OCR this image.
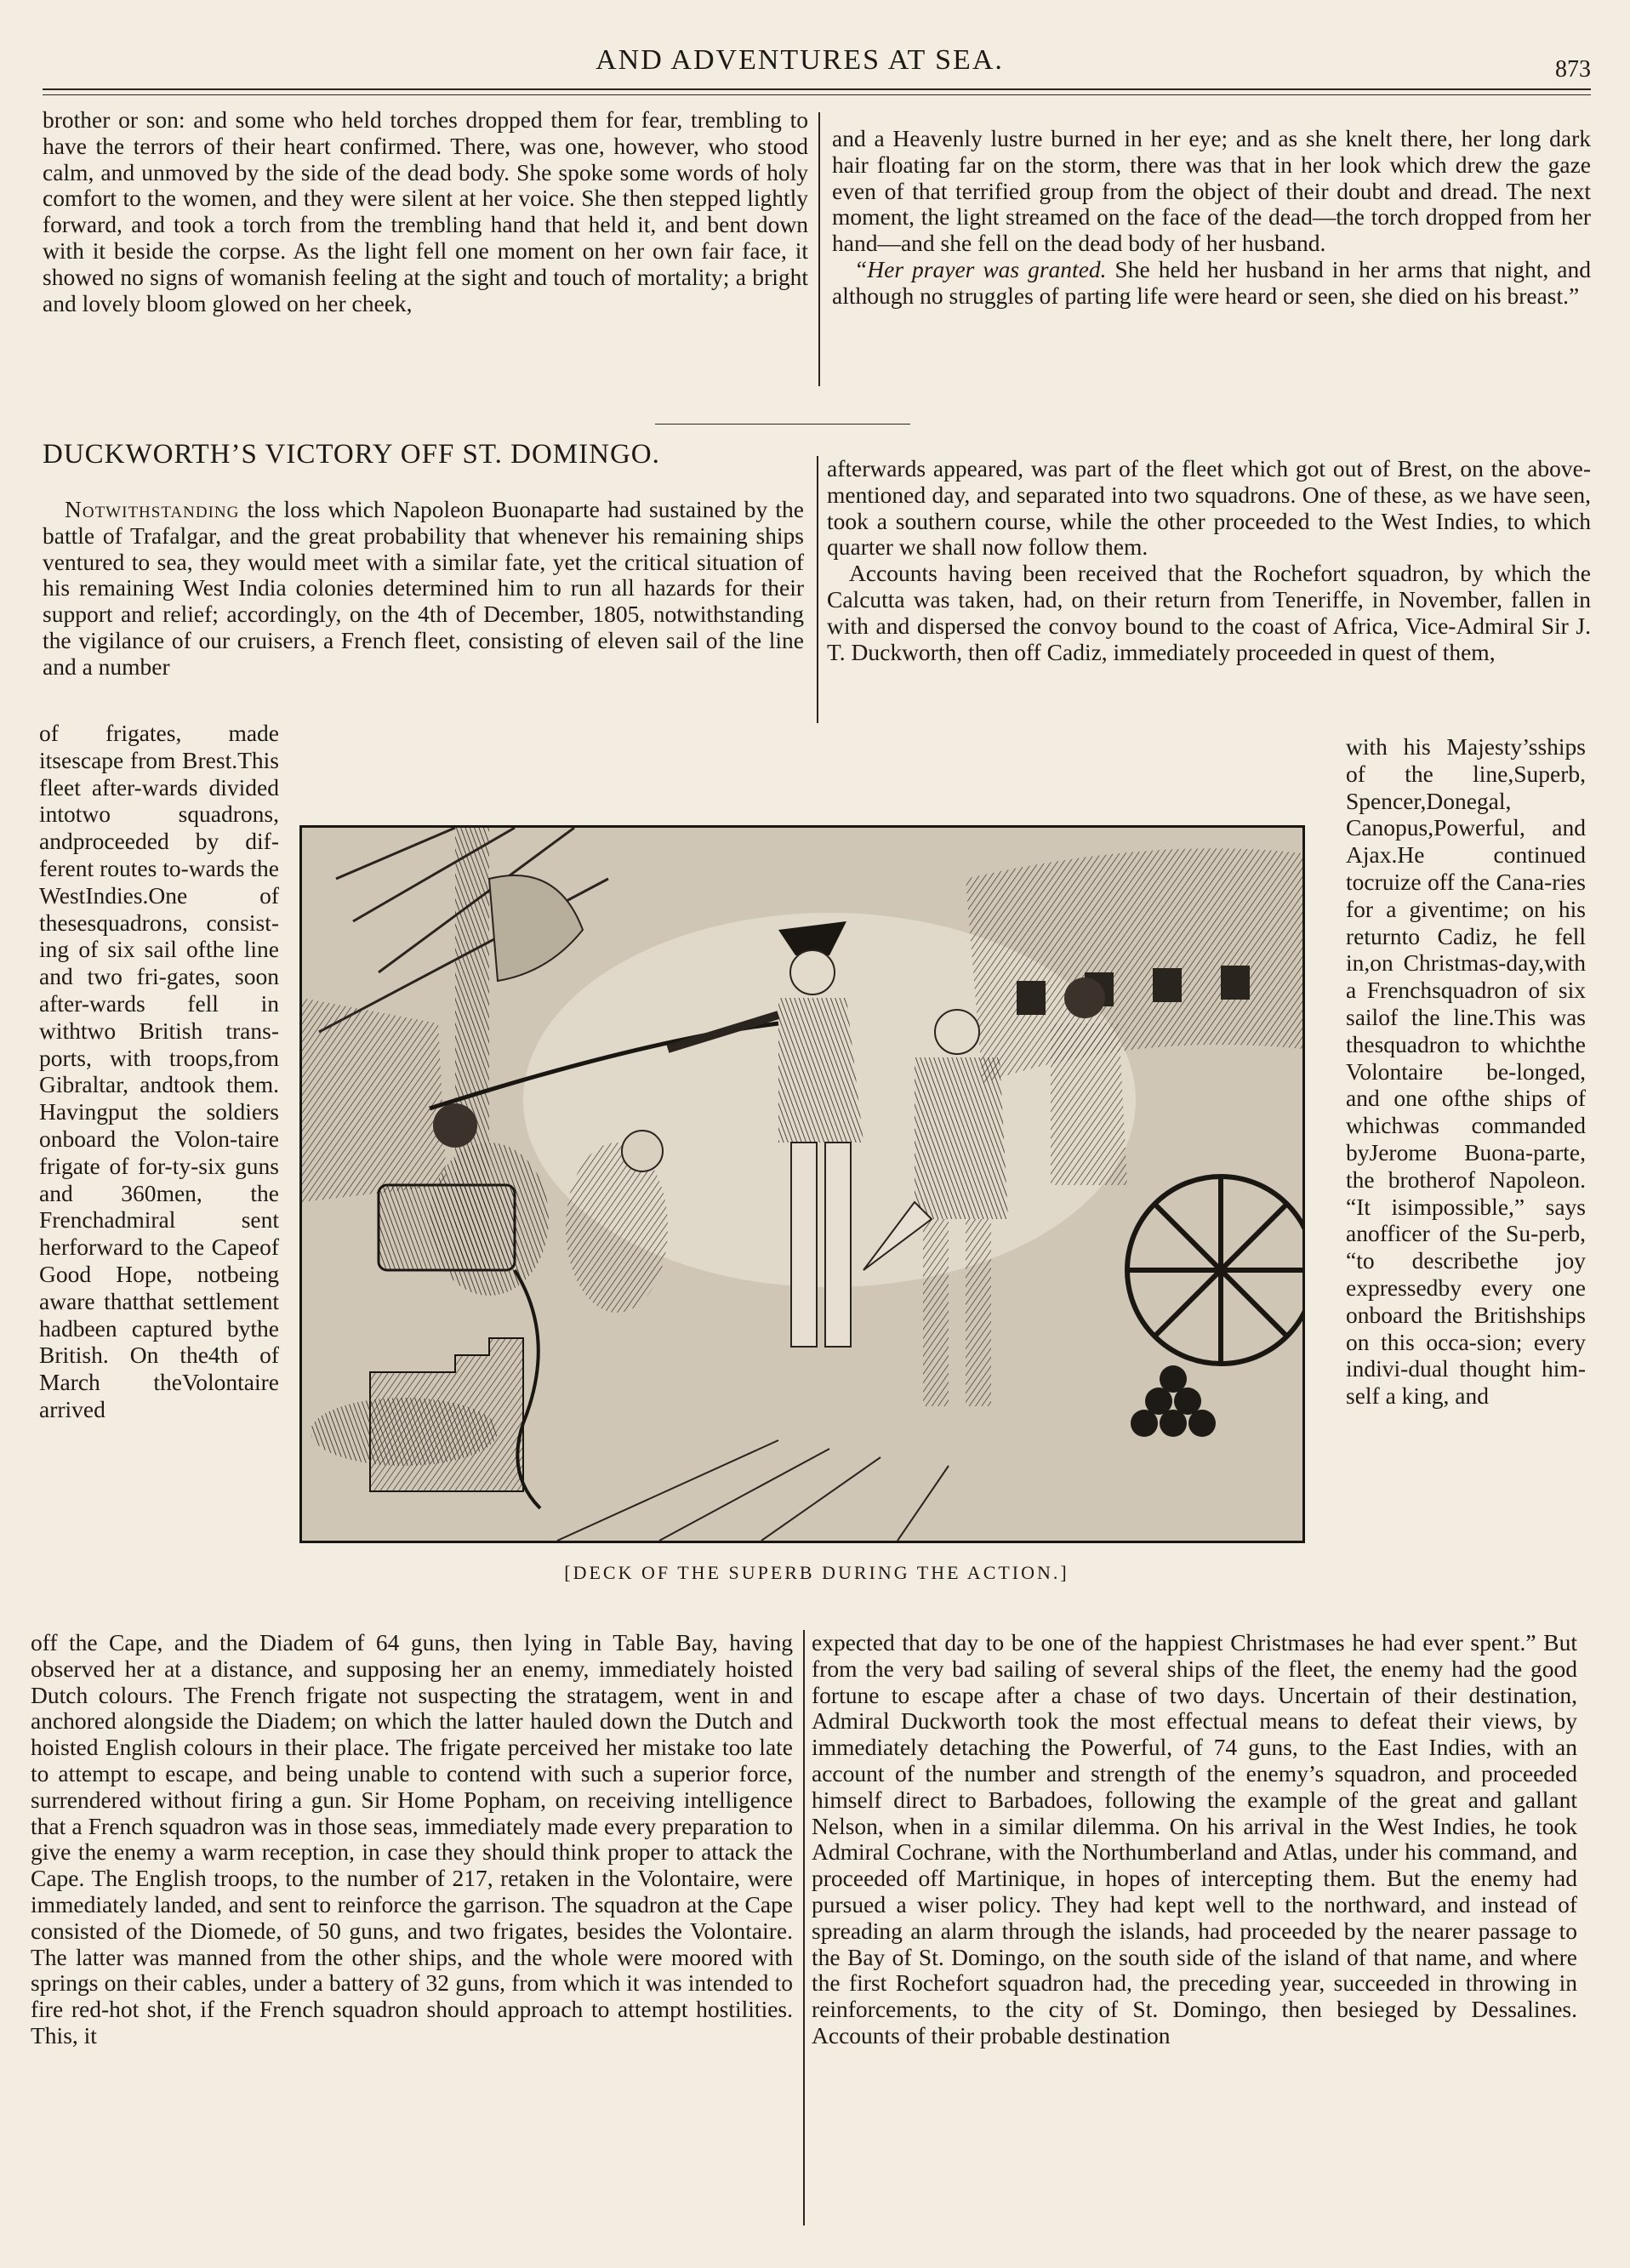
AND ADVENTURES AT SEA.	873

brother or son: and some who held torches dropped them for fear, trembling to have the terrors of their heart confirmed. There, was one, however, who stood calm, and unmoved by the side of the dead body. She spoke some words of holy comfort to the women, and they were silent at her voice. She then stepped lightly forward, and took a torch from the trembling hand that held it, and bent down with it beside the corpse. As the light fell one moment on her own fair face, it showed no signs of womanish feeling at the sight and touch of mortality; a bright and lovely bloom glowed on her cheek,

and a Heavenly lustre burned in her eye; and as she knelt there, her long dark hair floating far on the storm, there was that in her look which drew the gaze even of that terrified group from the object of their doubt and dread. The next moment, the light streamed on the face of the dead—the torch dropped from her hand—and she fell on the dead body of her husband.

“Her prayer was granted. She held her husband in her arms that night, and although no struggles of parting life were heard or seen, she died on his breast.”

DUCKWORTH’S VICTORY OFF ST. DOMINGO.

Notwithstanding the loss which Napoleon Buonaparte had sustained by the battle of Trafalgar, and the great probability that whenever his remaining ships ventured to sea, they would meet with a similar fate, yet the critical situation of his remaining West India colonies determined him to run all hazards for their support and relief; accordingly, on the 4th of December, 1805, notwithstanding the vigilance of our cruisers, a French fleet, consisting of eleven sail of the line and a number

of frigates, made itsescape from Brest.This fleet after-wards divided intotwo squadrons, andproceeded by dif-ferent routes to-wards the WestIndies.One of thesesquadrons, consist-ing of six sail ofthe line and two fri-gates, soon after-wards fell in withtwo British trans-ports, with troops,from Gibraltar, andtook them. Havingput the soldiers onboard the Volon-taire frigate of for-ty-six guns and 360men, the Frenchadmiral sent herforward to the Capeof Good Hope, notbeing aware thatthat settlement hadbeen captured bythe British. On the4th of March theVolontaire arrived

afterwards appeared, was part of the fleet which got out of Brest, on the above-mentioned day, and separated into two squadrons. One of these, as we have seen, took a southern course, while the other proceeded to the West Indies, to which quarter we shall now follow them.

Accounts having been received that the Rochefort squadron, by which the Calcutta was taken, had, on their return from Teneriffe, in November, fallen in with and dispersed the convoy bound to the coast of Africa, Vice-Admiral Sir J. T. Duckworth, then off Cadiz, immediately proceeded in quest of them,

with his Majesty’sships of the line,Superb, Spencer,Donegal, Canopus,Powerful, and Ajax.He continued tocruize off the Cana-ries for a giventime; on his returnto Cadiz, he fell in,on Christmas-day,with a Frenchsquadron of six sailof the line.This was thesquadron to whichthe Volontaire be-longed, and one ofthe ships of whichwas commanded byJerome Buona-parte, the brotherof Napoleon. “It isimpossible,” says anofficer of the Su-perb, “to describethe joy expressedby every one onboard the Britishships on this occa-sion; every indivi-dual thought him-self a king, and
[DECK OF THE SUPERB DURING THE ACTION.]

off the Cape, and the Diadem of 64 guns, then lying in Table Bay, having observed her at a distance, and supposing her an enemy, immediately hoisted Dutch colours. The French frigate not suspecting the stratagem, went in and anchored alongside the Diadem; on which the latter hauled down the Dutch and hoisted English colours in their place. The frigate perceived her mistake too late to attempt to escape, and being unable to contend with such a superior force, surrendered without firing a gun. Sir Home Popham, on receiving intelligence that a French squadron was in those seas, immediately made every preparation to give the enemy a warm reception, in case they should think proper to attack the Cape. The English troops, to the number of 217, retaken in the Volontaire, were immediately landed, and sent to reinforce the garrison. The squadron at the Cape consisted of the Diomede, of 50 guns, and two frigates, besides the Volontaire. The latter was manned from the other ships, and the whole were moored with springs on their cables, under a battery of 32 guns, from which it was intended to fire red-hot shot, if the French squadron should approach to attempt hostilities. This, it

expected that day to be one of the happiest Christmases he had ever spent.” But from the very bad sailing of several ships of the fleet, the enemy had the good fortune to escape after a chase of two days. Uncertain of their destination, Admiral Duckworth took the most effectual means to defeat their views, by immediately detaching the Powerful, of 74 guns, to the East Indies, with an account of the number and strength of the enemy’s squadron, and proceeded himself direct to Barbadoes, following the example of the great and gallant Nelson, when in a similar dilemma. On his arrival in the West Indies, he took Admiral Cochrane, with the Northumberland and Atlas, under his command, and proceeded off Martinique, in hopes of intercepting them. But the enemy had pursued a wiser policy. They had kept well to the northward, and instead of spreading an alarm through the islands, had proceeded by the nearer passage to the Bay of St. Domingo, on the south side of the island of that name, and where the first Rochefort squadron had, the preceding year, succeeded in throwing in reinforcements, to the city of St. Domingo, then besieged by Dessalines. Accounts of their probable destination
